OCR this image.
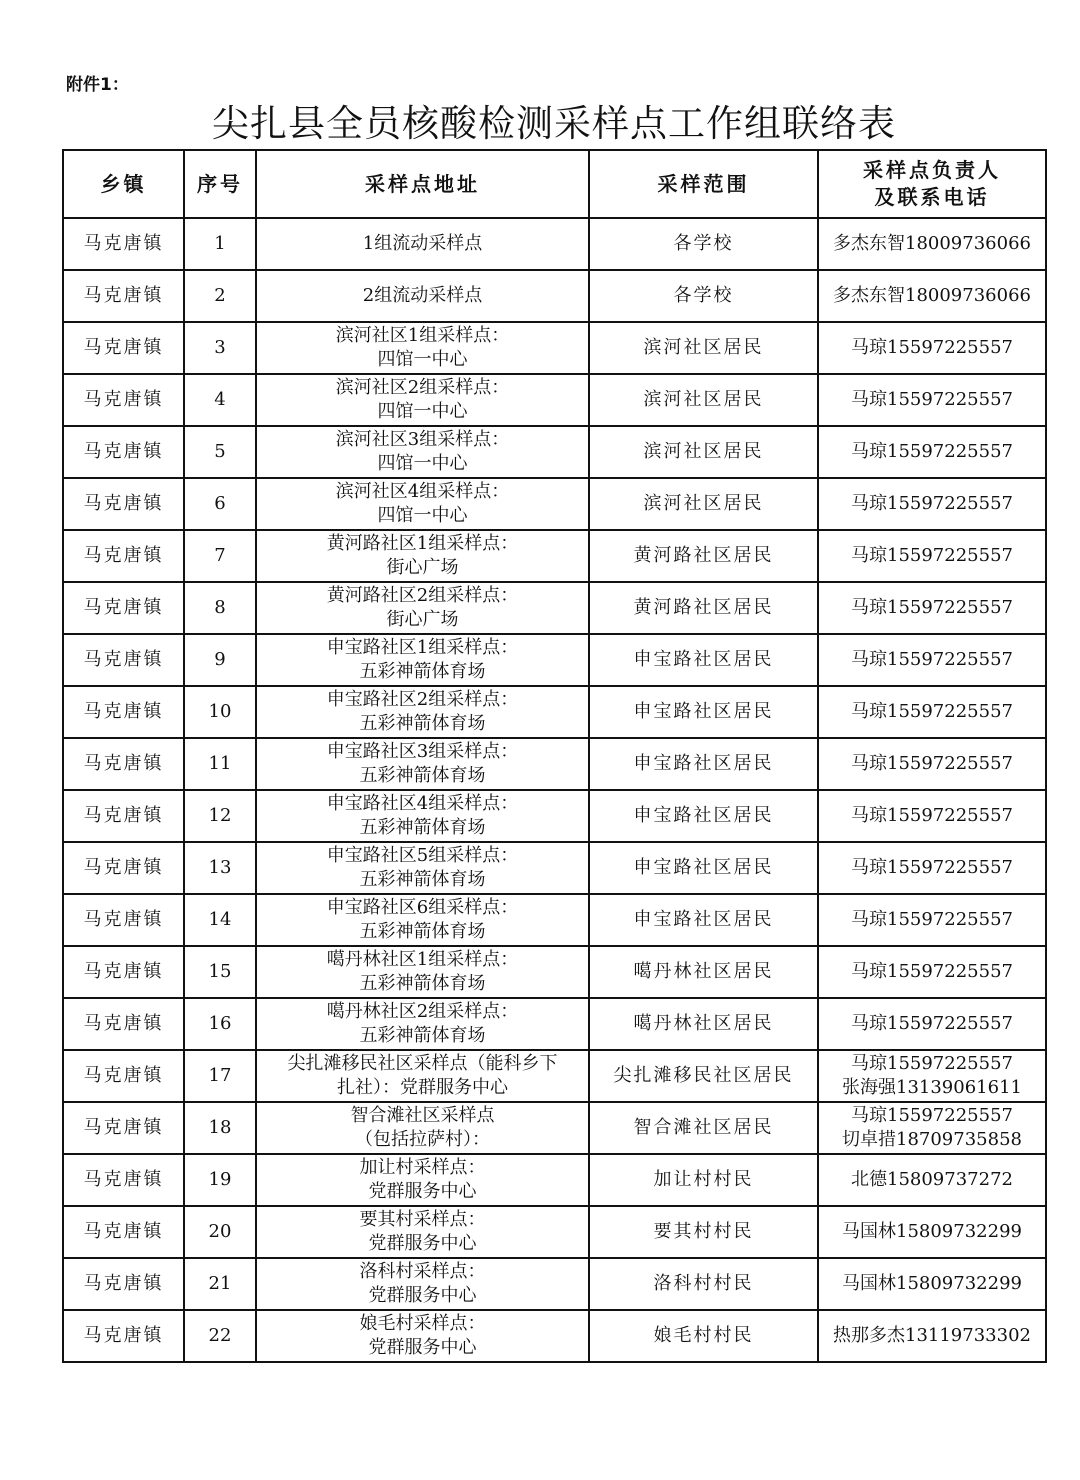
附件1：
尖扎县全员核酸检测采样点工作组联络表
乡镇	序号	采样点地址	采样范围	采样点负责人
及联系电话

马克唐镇	1	1组流动采样点	各学校	多杰东智18009736066

马克唐镇	2	2组流动采样点	各学校	多杰东智18009736066

马克唐镇	3	滨河社区1组采样点：
四馆一中心	滨河社区居民	马琼15597225557

马克唐镇	4	滨河社区2组采样点：
四馆一中心	滨河社区居民	马琼15597225557

马克唐镇	5	滨河社区3组采样点：
四馆一中心	滨河社区居民	马琼15597225557

马克唐镇	6	滨河社区4组采样点：
四馆一中心	滨河社区居民	马琼15597225557

马克唐镇	7	黄河路社区1组采样点：
街心广场	黄河路社区居民	马琼15597225557

马克唐镇	8	黄河路社区2组采样点：
街心广场	黄河路社区居民	马琼15597225557

马克唐镇	9	申宝路社区1组采样点：
五彩神箭体育场	申宝路社区居民	马琼15597225557

马克唐镇	10	申宝路社区2组采样点：
五彩神箭体育场	申宝路社区居民	马琼15597225557

马克唐镇	11	申宝路社区3组采样点：
五彩神箭体育场	申宝路社区居民	马琼15597225557

马克唐镇	12	申宝路社区4组采样点：
五彩神箭体育场	申宝路社区居民	马琼15597225557

马克唐镇	13	申宝路社区5组采样点：
五彩神箭体育场	申宝路社区居民	马琼15597225557

马克唐镇	14	申宝路社区6组采样点：
五彩神箭体育场	申宝路社区居民	马琼15597225557

马克唐镇	15	噶丹林社区1组采样点：
五彩神箭体育场	噶丹林社区居民	马琼15597225557

马克唐镇	16	噶丹林社区2组采样点：
五彩神箭体育场	噶丹林社区居民	马琼15597225557

马克唐镇	17	尖扎滩移民社区采样点（能科乡下
扎社）：党群服务中心	尖扎滩移民社区居民	马琼15597225557
张海强13139061611

马克唐镇	18	智合滩社区采样点
（包括拉萨村）：	智合滩社区居民	马琼15597225557
切卓措18709735858

马克唐镇	19	加让村采样点：
党群服务中心	加让村村民	北德15809737272

马克唐镇	20	要其村采样点：
党群服务中心	要其村村民	马国林15809732299

马克唐镇	21	洛科村采样点：
党群服务中心	洛科村村民	马国林15809732299

马克唐镇	22	娘毛村采样点：
党群服务中心	娘毛村村民	热那多杰13119733302
